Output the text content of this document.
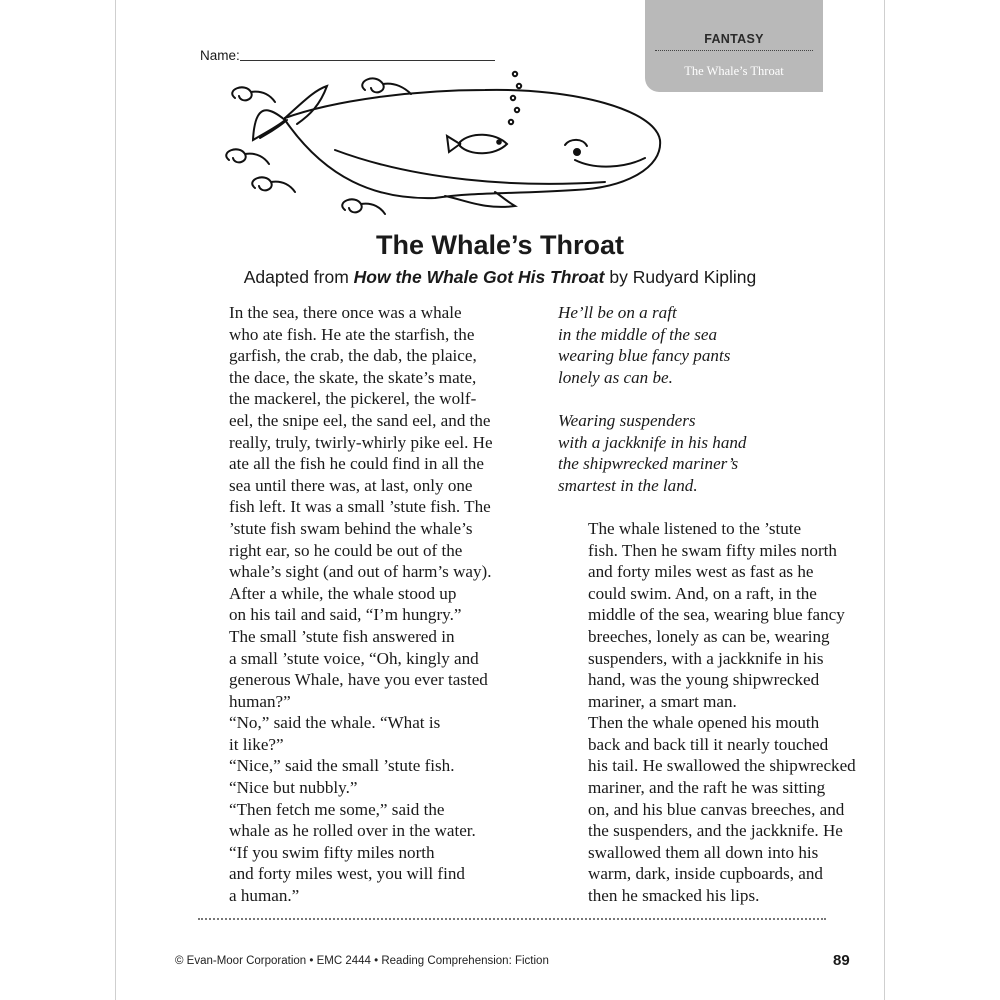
FANTASY
The Whale’s Throat
Name:
The Whale’s Throat
Adapted from How the Whale Got His Throat by Rudyard Kipling

In the sea, there once was a whale
who ate fish. He ate the starfish, the
garfish, the crab, the dab, the plaice,
the dace, the skate, the skate’s mate,
the mackerel, the pickerel, the wolf-
eel, the snipe eel, the sand eel, and the
really, truly, twirly-whirly pike eel. He
ate all the fish he could find in all the
sea until there was, at last, only one
fish left. It was a small ’stute fish. The
’stute fish swam behind the whale’s
right ear, so he could be out of the
whale’s sight (and out of harm’s way).

After a while, the whale stood up
on his tail and said, “I’m hungry.”

The small ’stute fish answered in
a small ’stute voice, “Oh, kingly and
generous Whale, have you ever tasted
human?”

“No,” said the whale. “What is
it like?”

“Nice,” said the small ’stute fish.
“Nice but nubbly.”

“Then fetch me some,” said the
whale as he rolled over in the water.

“If you swim fifty miles north
and forty miles west, you will find
a human.”

He’ll be on a raft
in the middle of the sea
wearing blue fancy pants
lonely as can be.
Wearing suspenders
with a jackknife in his hand
the shipwrecked mariner’s
smartest in the land.

The whale listened to the ’stute
fish. Then he swam fifty miles north
and forty miles west as fast as he
could swim. And, on a raft, in the
middle of the sea, wearing blue fancy
breeches, lonely as can be, wearing
suspenders, with a jackknife in his
hand, was the young shipwrecked
mariner, a smart man.

Then the whale opened his mouth
back and back till it nearly touched
his tail. He swallowed the shipwrecked
mariner, and the raft he was sitting
on, and his blue canvas breeches, and
the suspenders, and the jackknife. He
swallowed them all down into his
warm, dark, inside cupboards, and
then he smacked his lips.

© Evan-Moor Corporation • EMC 2444 • Reading Comprehension: Fiction	89
